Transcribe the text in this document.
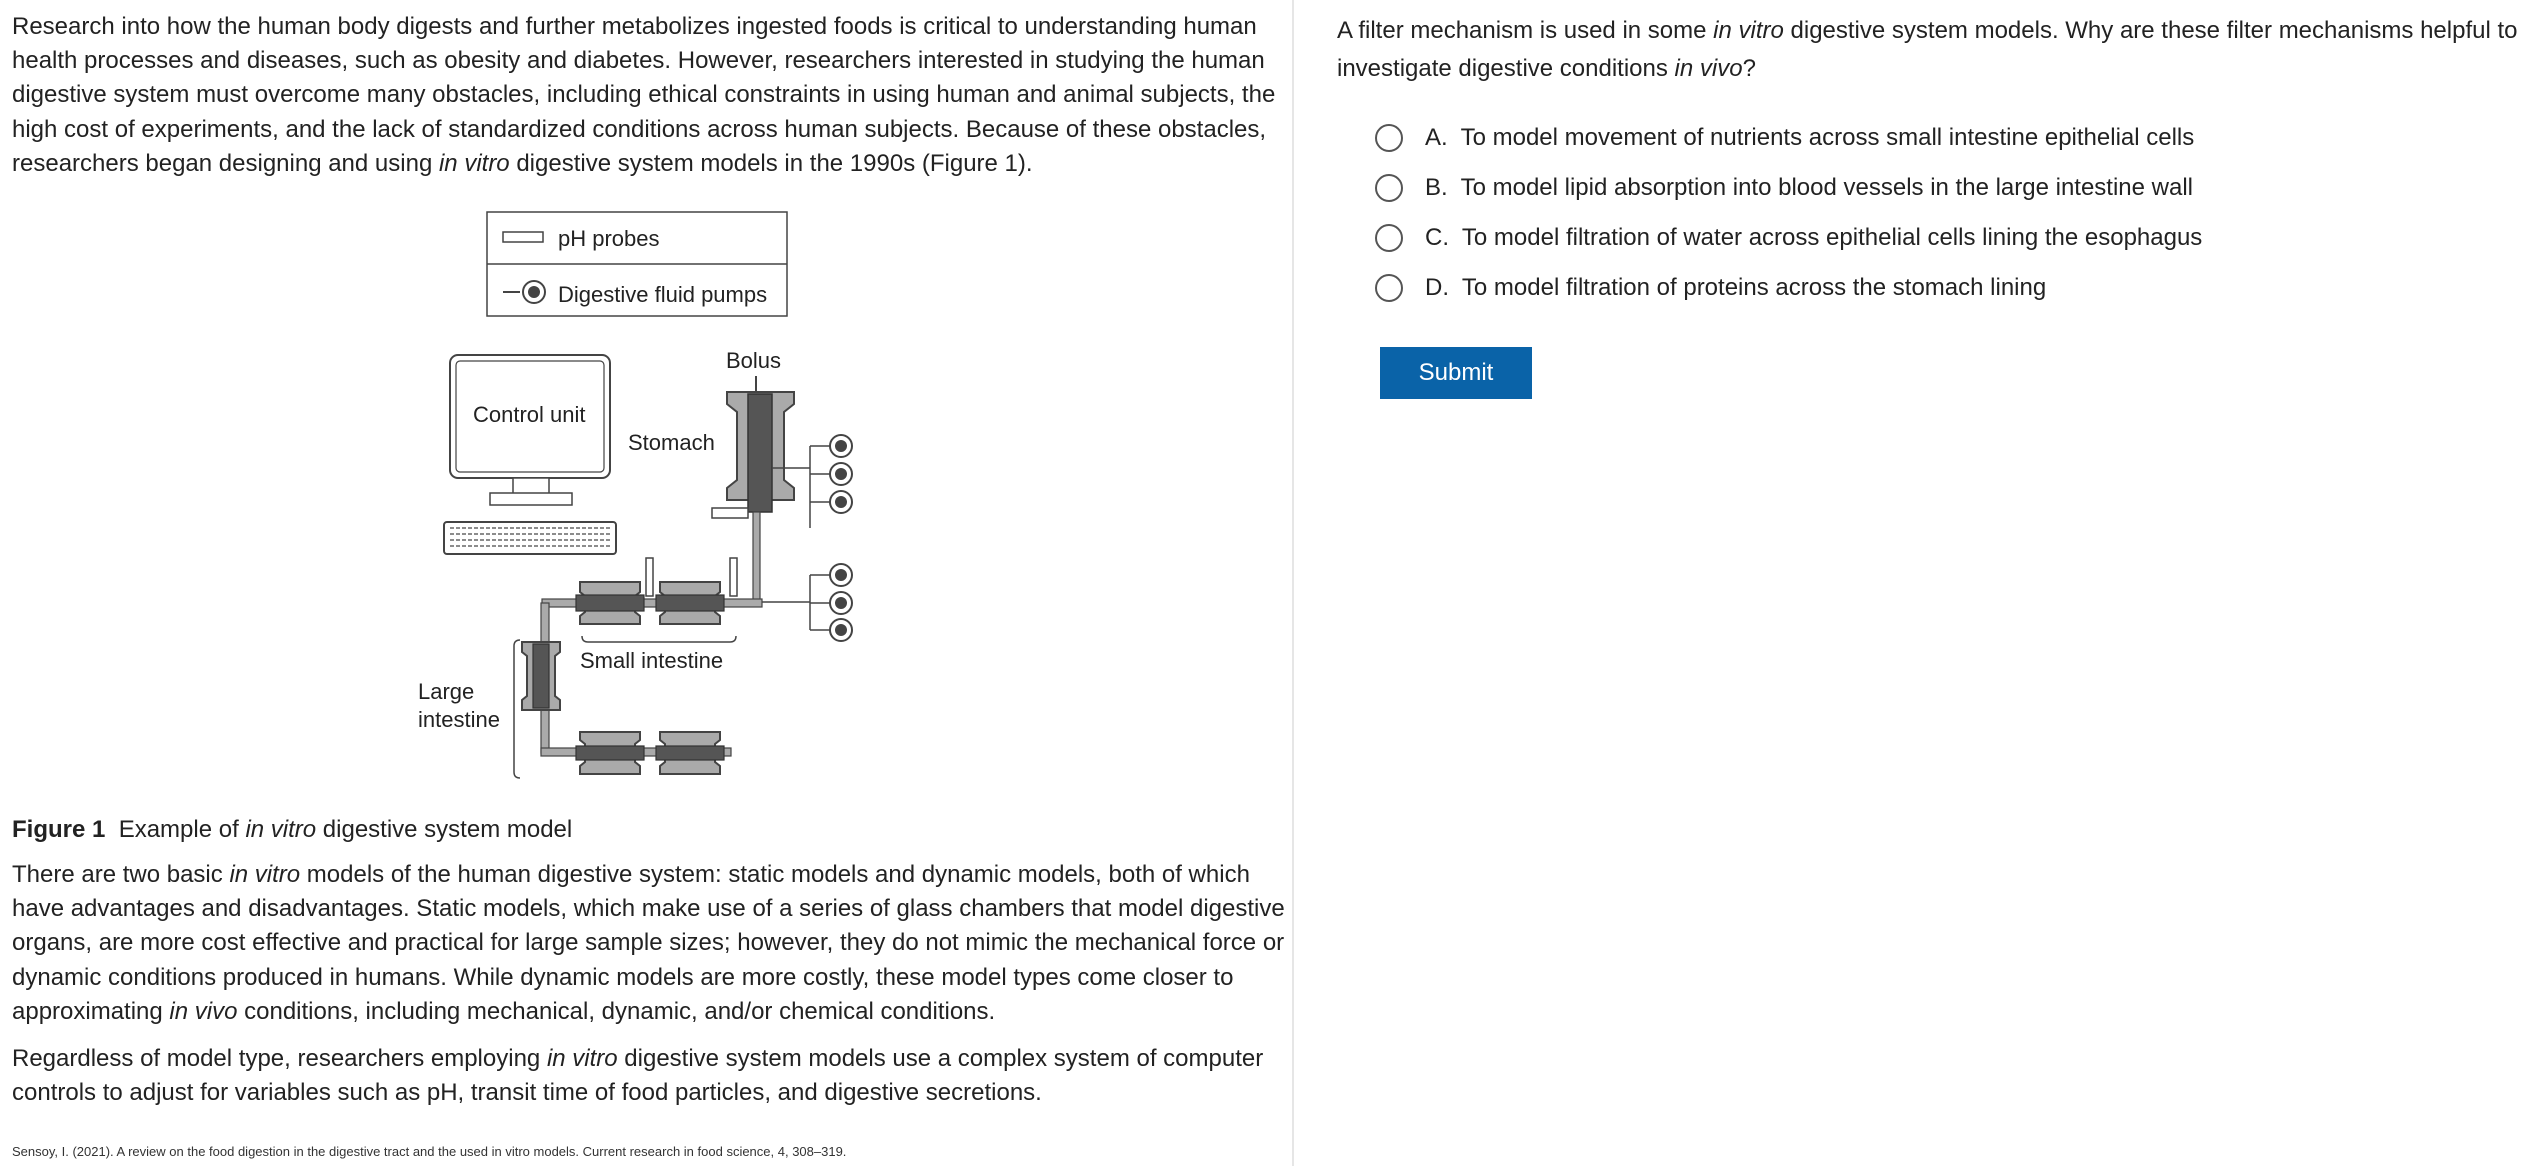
Research into how the human body digests and further metabolizes ingested foods is critical to understanding human health processes and diseases, such as obesity and diabetes. However, researchers interested in studying the human digestive system must overcome many obstacles, including ethical constraints in using human and animal subjects, the high cost of experiments, and the lack of standardized conditions across human subjects. Because of these obstacles, researchers began designing and using in vitro digestive system models in the 1990s (Figure 1).

pH probes
Digestive fluid pumps
Control unit
Bolus
Stomach
Small intestine
Large
intestine

Figure 1 Example of in vitro digestive system model

There are two basic in vitro models of the human digestive system: static models and dynamic models, both of which have advantages and disadvantages. Static models, which make use of a series of glass chambers that model digestive organs, are more cost effective and practical for large sample sizes; however, they do not mimic the mechanical force or dynamic conditions produced in humans. While dynamic models are more costly, these model types come closer to approximating in vivo conditions, including mechanical, dynamic, and/or chemical conditions.

Regardless of model type, researchers employing in vitro digestive system models use a complex system of computer controls to adjust for variables such as pH, transit time of food particles, and digestive secretions.

Sensoy, I. (2021). A review on the food digestion in the digestive tract and the used in vitro models. Current research in food science, 4, 308–319.

A filter mechanism is used in some in vitro digestive system models. Why are these filter mechanisms helpful to investigate digestive conditions in vivo?

A. To model movement of nutrients across small intestine epithelial cells
B. To model lipid absorption into blood vessels in the large intestine wall
C. To model filtration of water across epithelial cells lining the esophagus
D. To model filtration of proteins across the stomach lining
Submit
